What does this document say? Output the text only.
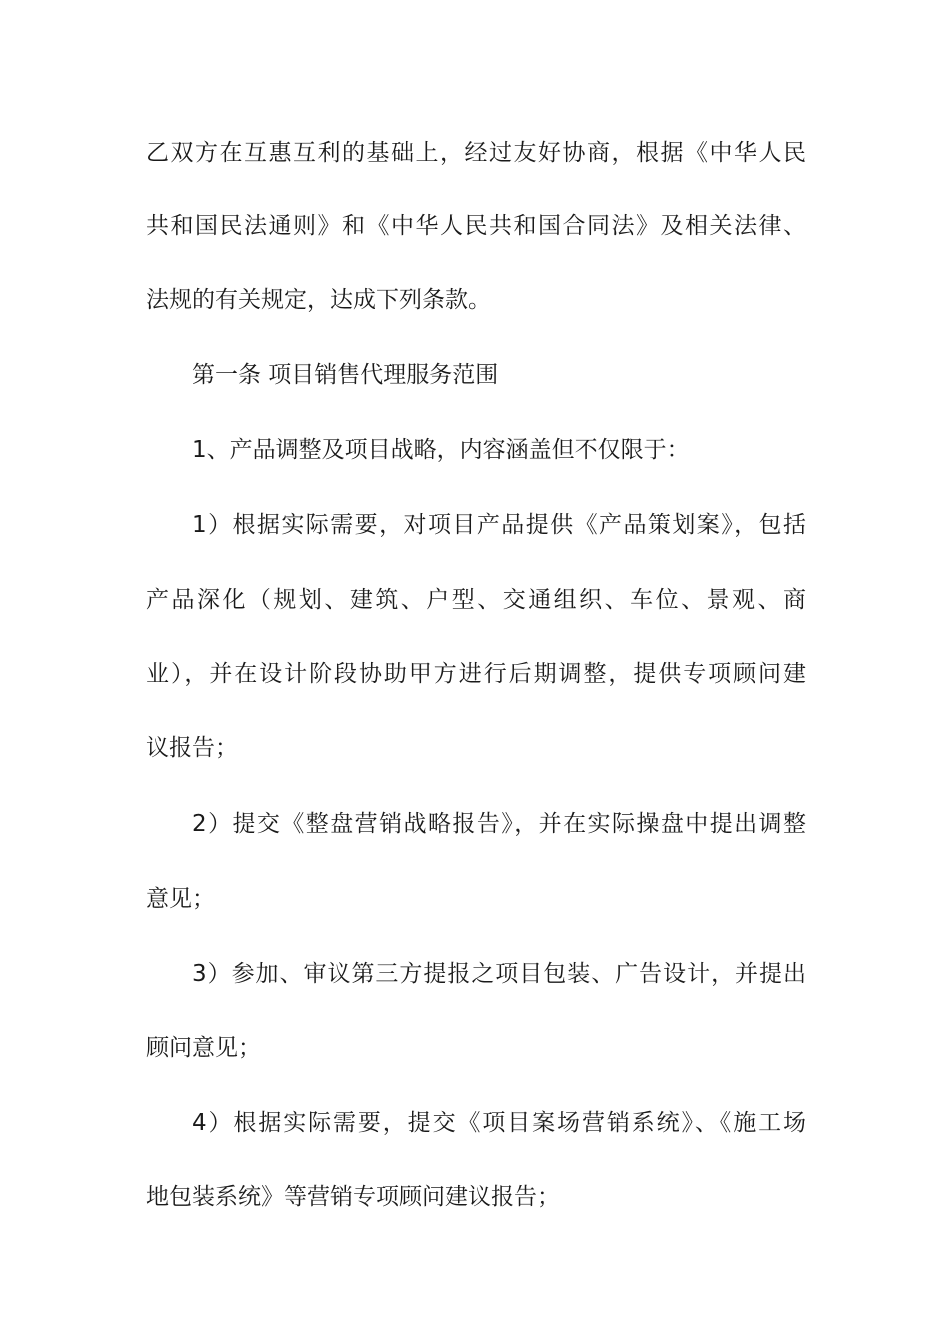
乙双方在互惠互利的基础上，经过友好协商，根据《中华人民
共和国民法通则》和《中华人民共和国合同法》及相关法律、
法规的有关规定，达成下列条款。
第一条 项目销售代理服务范围
1、产品调整及项目战略，内容涵盖但不仅限于：
1）根据实际需要，对项目产品提供《产品策划案》，包括
产品深化（规划、建筑、户型、交通组织、车位、景观、商
业），并在设计阶段协助甲方进行后期调整，提供专项顾问建
议报告；
2）提交《整盘营销战略报告》，并在实际操盘中提出调整
意见；
3）参加、审议第三方提报之项目包装、广告设计，并提出
顾问意见；
4）根据实际需要，提交《项目案场营销系统》、《施工场
地包装系统》等营销专项顾问建议报告；
